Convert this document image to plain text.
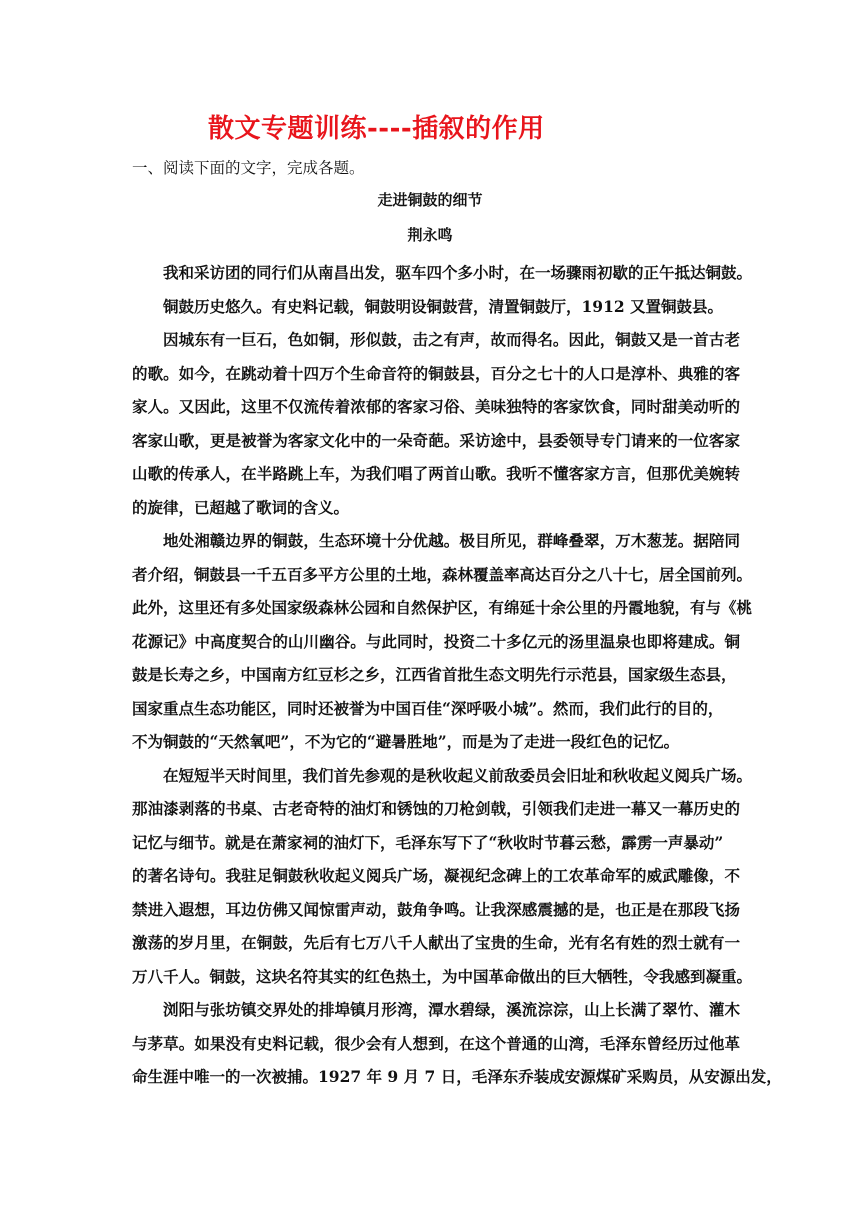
散文专题训练----插叙的作用
一、阅读下面的文字，完成各题。
走进铜鼓的细节
荆永鸣
我和采访团的同行们从南昌出发，驱车四个多小时，在一场骤雨初歇的正午抵达铜鼓。
铜鼓历史悠久。有史料记载，铜鼓明设铜鼓营，清置铜鼓厅，1912 又置铜鼓县。
因城东有一巨石，色如铜，形似鼓，击之有声，故而得名。因此，铜鼓又是一首古老
的歌。如今，在跳动着十四万个生命音符的铜鼓县，百分之七十的人口是淳朴、典雅的客
家人。又因此，这里不仅流传着浓郁的客家习俗、美味独特的客家饮食，同时甜美动听的
客家山歌，更是被誉为客家文化中的一朵奇葩。采访途中，县委领导专门请来的一位客家
山歌的传承人，在半路跳上车，为我们唱了两首山歌。我听不懂客家方言，但那优美婉转
的旋律，已超越了歌词的含义。
地处湘赣边界的铜鼓，生态环境十分优越。极目所见，群峰叠翠，万木葱茏。据陪同
者介绍，铜鼓县一千五百多平方公里的土地，森林覆盖率高达百分之八十七，居全国前列。
此外，这里还有多处国家级森林公园和自然保护区，有绵延十余公里的丹霞地貌，有与《桃
花源记》中高度契合的山川幽谷。与此同时，投资二十多亿元的汤里温泉也即将建成。铜
鼓是长寿之乡，中国南方红豆杉之乡，江西省首批生态文明先行示范县，国家级生态县，
国家重点生态功能区，同时还被誉为中国百佳“深呼吸小城”。然而，我们此行的目的，
不为铜鼓的“天然氧吧”，不为它的“避暑胜地”，而是为了走进一段红色的记忆。
在短短半天时间里，我们首先参观的是秋收起义前敌委员会旧址和秋收起义阅兵广场。
那油漆剥落的书桌、古老奇特的油灯和锈蚀的刀枪剑戟，引领我们走进一幕又一幕历史的
记忆与细节。就是在萧家祠的油灯下，毛泽东写下了“秋收时节暮云愁，霹雳一声暴动”
的著名诗句。我驻足铜鼓秋收起义阅兵广场，凝视纪念碑上的工农革命军的威武雕像，不
禁进入遐想，耳边仿佛又闻惊雷声动，鼓角争鸣。让我深感震撼的是，也正是在那段飞扬
激荡的岁月里，在铜鼓，先后有七万八千人献出了宝贵的生命，光有名有姓的烈士就有一
万八千人。铜鼓，这块名符其实的红色热土，为中国革命做出的巨大牺牲，令我感到凝重。
浏阳与张坊镇交界处的排埠镇月形湾，潭水碧绿，溪流淙淙，山上长满了翠竹、灌木
与茅草。如果没有史料记载，很少会有人想到，在这个普通的山湾，毛泽东曾经历过他革
命生涯中唯一的一次被捕。1927 年 9 月 7 日，毛泽东乔装成安源煤矿采购员，从安源出发，
